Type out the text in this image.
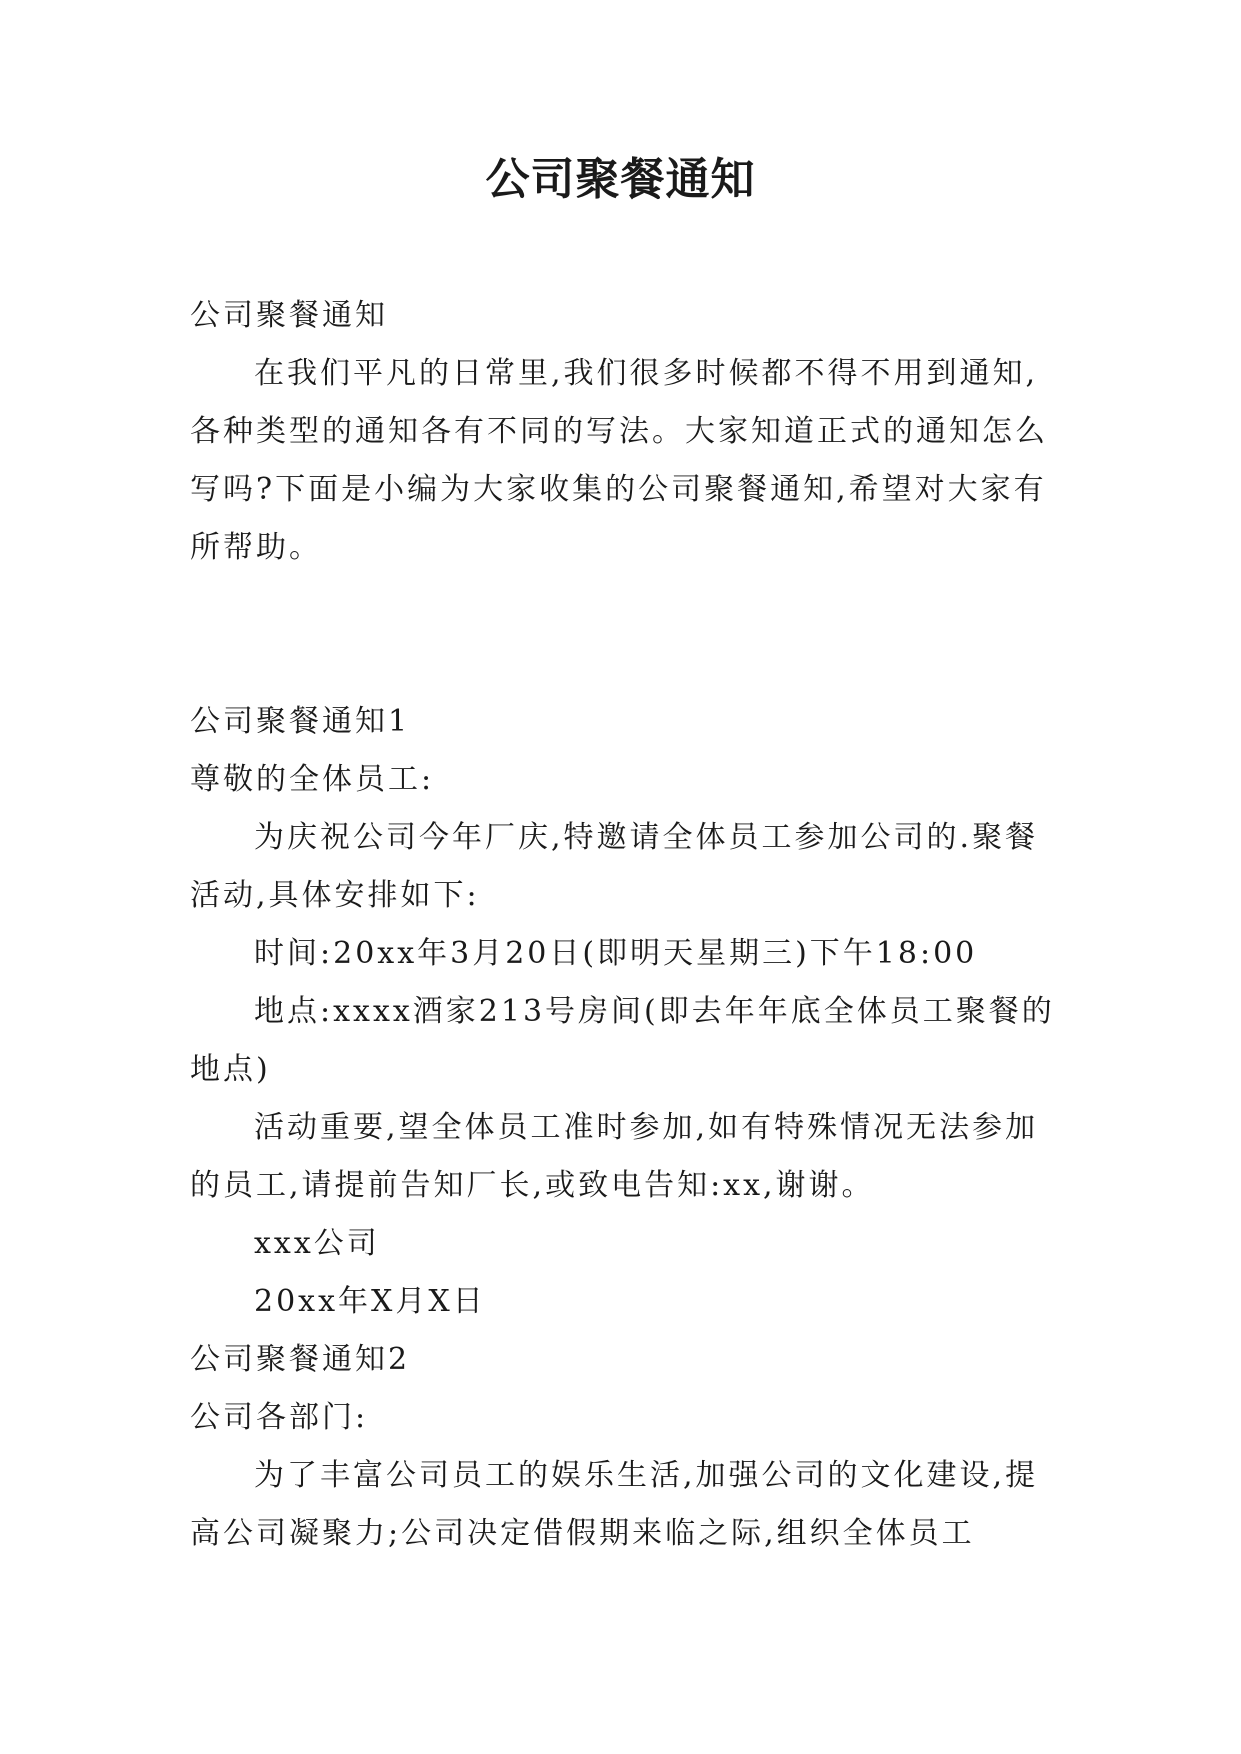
公司聚餐通知

公司聚餐通知

在我们平凡的日常里,我们很多时候都不得不用到通知,各种类型的通知各有不同的写法。大家知道正式的通知怎么写吗?下面是小编为大家收集的公司聚餐通知,希望对大家有所帮助。

公司聚餐通知1

尊敬的全体员工:

为庆祝公司今年厂庆,特邀请全体员工参加公司的.聚餐活动,具体安排如下:

时间:20xx年3月20日(即明天星期三)下午18:00

地点:xxxx酒家213号房间(即去年年底全体员工聚餐的地点)

活动重要,望全体员工准时参加,如有特殊情况无法参加的员工,请提前告知厂长,或致电告知:xx,谢谢。

xxx公司

20xx年X月X日

公司聚餐通知2

公司各部门:

为了丰富公司员工的娱乐生活,加强公司的文化建设,提高公司凝聚力;公司决定借假期来临之际,组织全体员工
